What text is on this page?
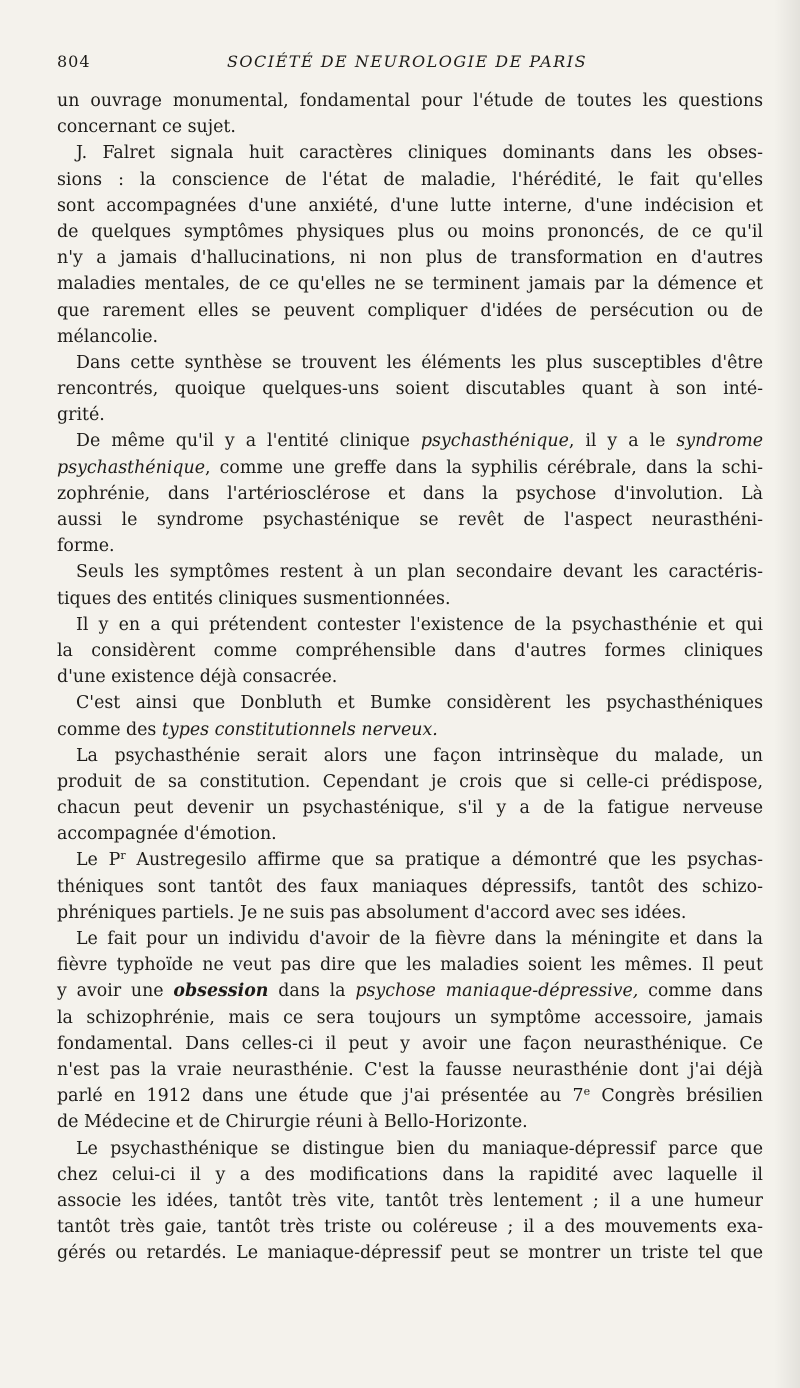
804	SOCIÉTÉ DE NEUROLOGIE DE PARIS
un ouvrage monumental, fondamental pour l'étude de toutes les questions
concernant ce sujet.
J. Falret signala huit caractères cliniques dominants dans les obses-
sions : la conscience de l'état de maladie, l'hérédité, le fait qu'elles
sont accompagnées d'une anxiété, d'une lutte interne, d'une indécision et
de quelques symptômes physiques plus ou moins prononcés, de ce qu'il
n'y a jamais d'hallucinations, ni non plus de transformation en d'autres
maladies mentales, de ce qu'elles ne se terminent jamais par la démence et
que rarement elles se peuvent compliquer d'idées de persécution ou de
mélancolie.
Dans cette synthèse se trouvent les éléments les plus susceptibles d'être
rencontrés, quoique quelques-uns soient discutables quant à son inté-
grité.
De même qu'il y a l'entité clinique psychasthénique, il y a le syndrome
psychasthénique, comme une greffe dans la syphilis cérébrale, dans la schi-
zophrénie, dans l'artériosclérose et dans la psychose d'involution. Là
aussi le syndrome psychasténique se revêt de l'aspect neurasthéni-
forme.
Seuls les symptômes restent à un plan secondaire devant les caractéris-
tiques des entités cliniques susmentionnées.
Il y en a qui prétendent contester l'existence de la psychasthénie et qui
la considèrent comme compréhensible dans d'autres formes cliniques
d'une existence déjà consacrée.
C'est ainsi que Donbluth et Bumke considèrent les psychasthéniques
comme des types constitutionnels nerveux.
La psychasthénie serait alors une façon intrinsèque du malade, un
produit de sa constitution. Cependant je crois que si celle-ci prédispose,
chacun peut devenir un psychasténique, s'il y a de la fatigue nerveuse
accompagnée d'émotion.
Le $P^r$ Austregesilo affirme que sa pratique a démontré que les psychas-
théniques sont tantôt des faux maniaques dépressifs, tantôt des schizo-
phréniques partiels. Je ne suis pas absolument d'accord avec ses idées.
Le fait pour un individu d'avoir de la fièvre dans la méningite et dans la
fièvre typhoïde ne veut pas dire que les maladies soient les mêmes. Il peut
y avoir une obsession dans la psychose maniaque-dépressive, comme dans
la schizophrénie, mais ce sera toujours un symptôme accessoire, jamais
fondamental. Dans celles-ci il peut y avoir une façon neurasthénique. Ce
n'est pas la vraie neurasthénie. C'est la fausse neurasthénie dont j'ai déjà
parlé en 1912 dans une étude que j'ai présentée au 7e Congrès brésilien
de Médecine et de Chirurgie réuni à Bello-Horizonte.
Le psychasthénique se distingue bien du maniaque-dépressif parce que
chez celui-ci il y a des modifications dans la rapidité avec laquelle il
associe les idées, tantôt très vite, tantôt très lentement ; il a une humeur
tantôt très gaie, tantôt très triste ou coléreuse ; il a des mouvements exa-
gérés ou retardés. Le maniaque-dépressif peut se montrer un triste tel que
